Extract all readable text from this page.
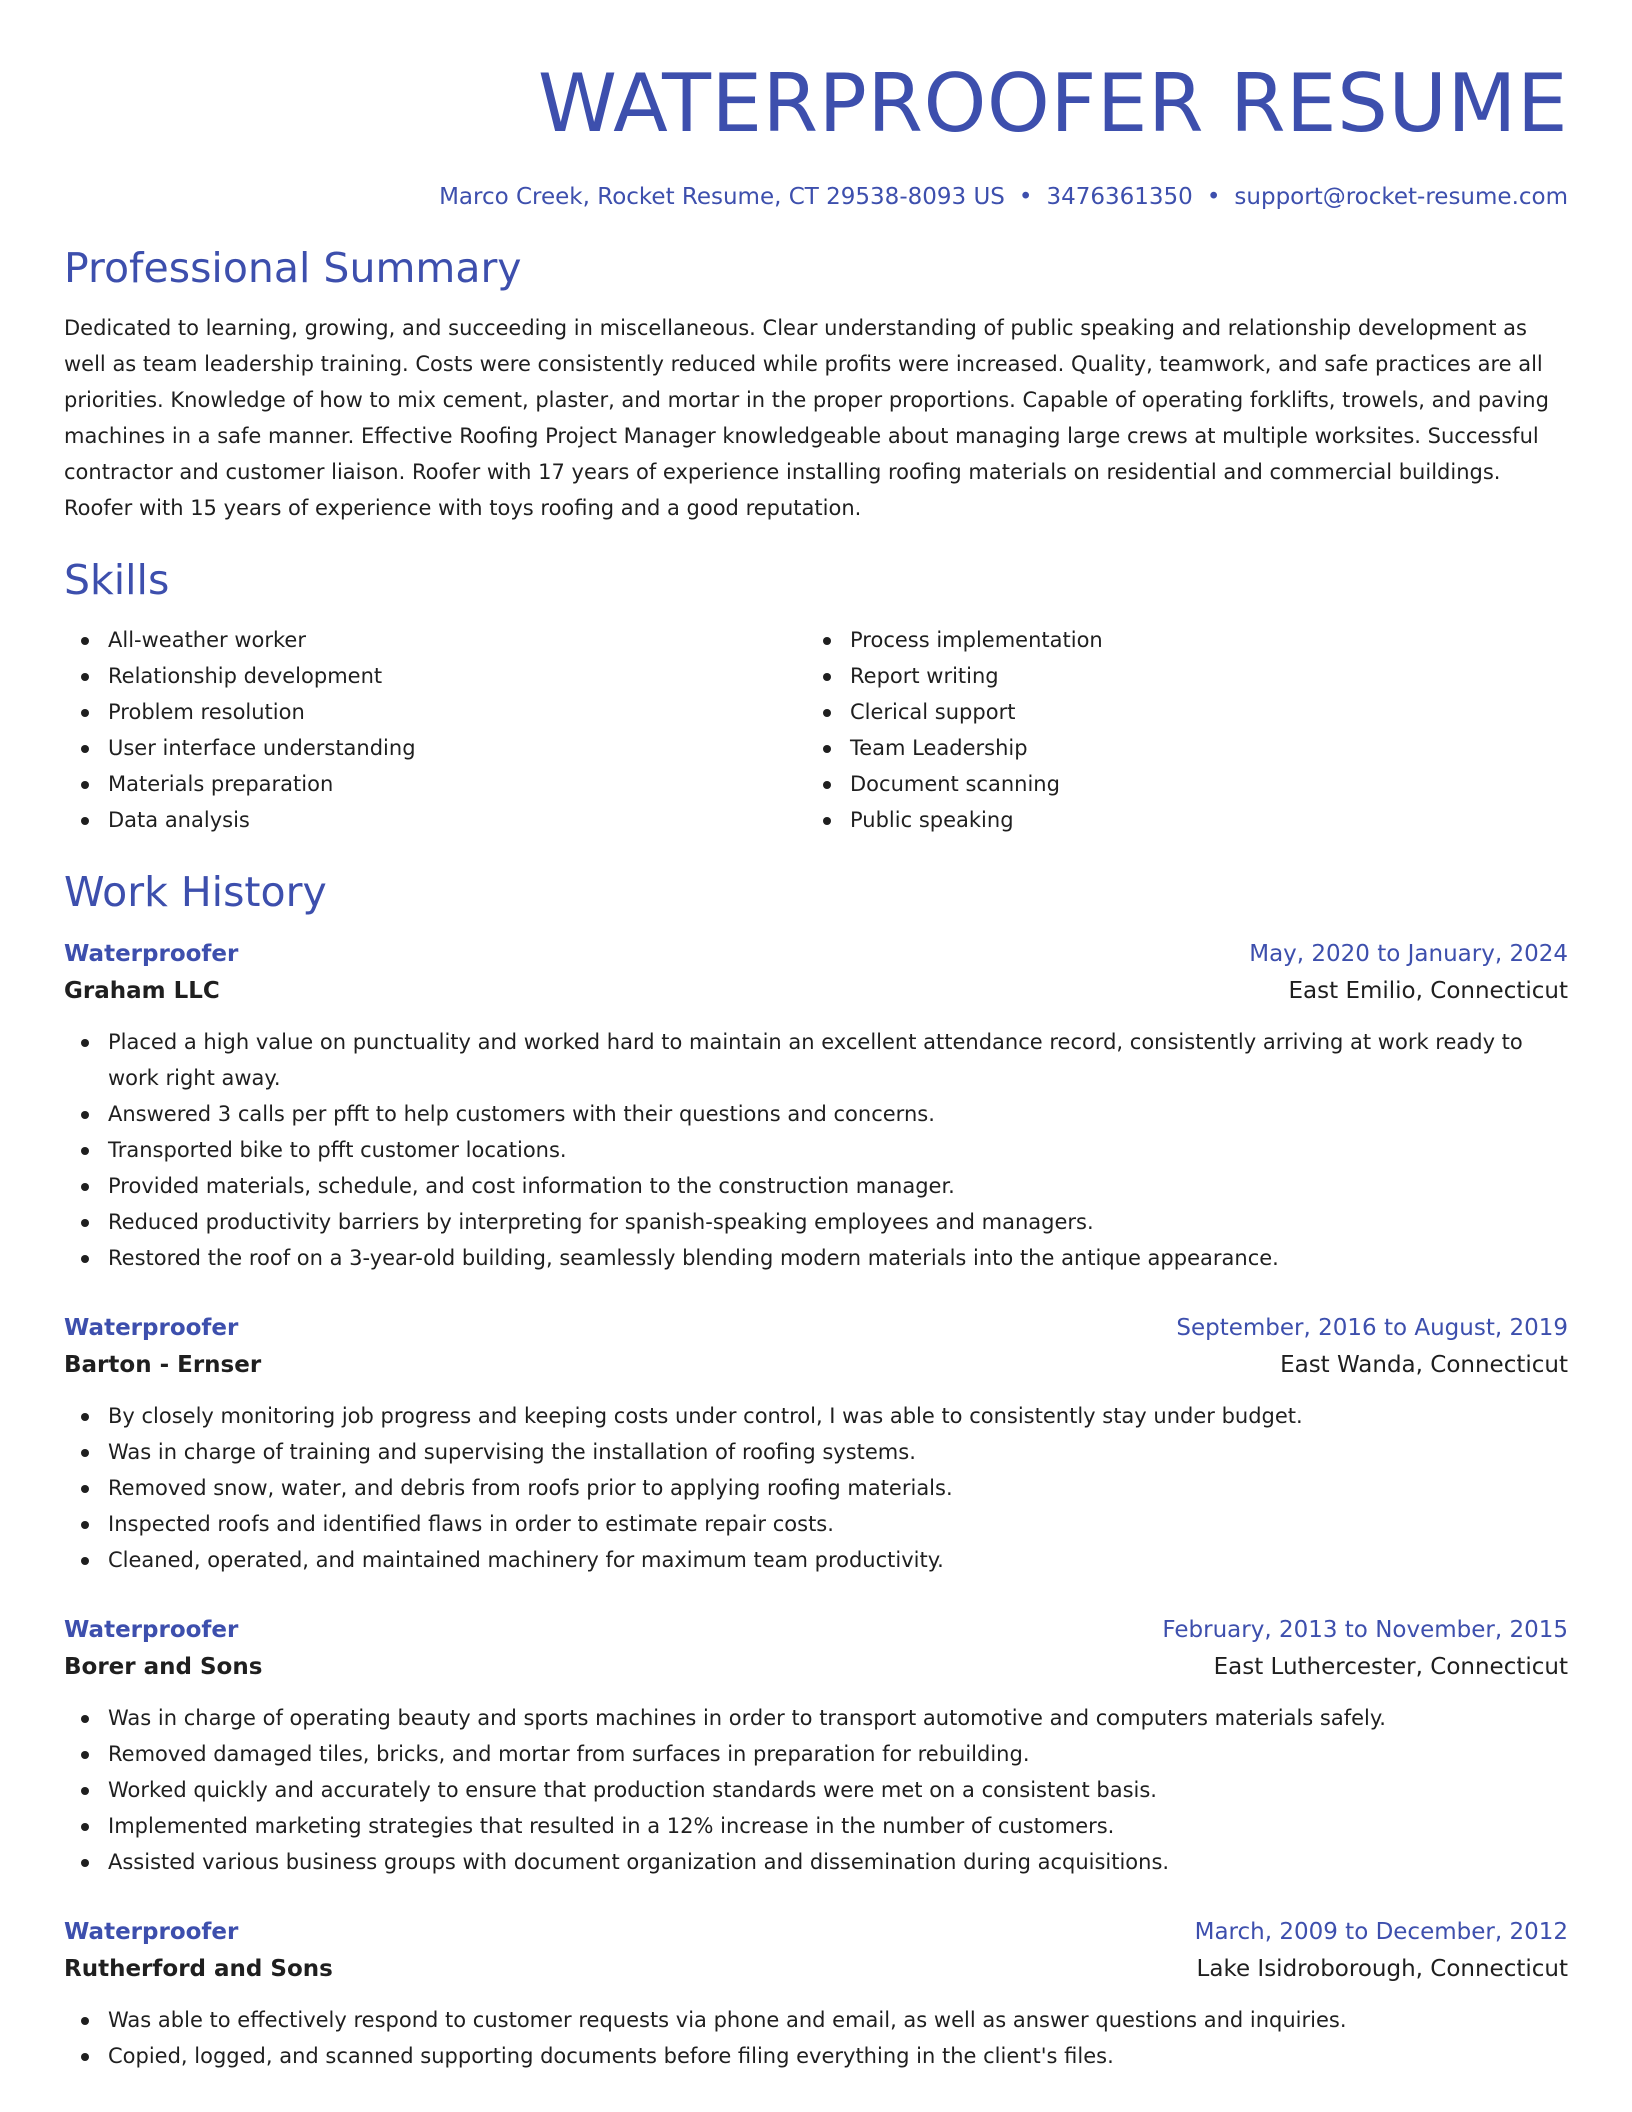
WATERPROOFER RESUME
Marco Creek, Rocket Resume, CT 29538-8093 US • 3476361350 • support@rocket-resume.com
Professional Summary

Dedicated to learning, growing, and succeeding in miscellaneous. Clear understanding of public speaking and relationship development as well as team leadership training. Costs were consistently reduced while profits were increased. Quality, teamwork, and safe practices are all priorities. Knowledge of how to mix cement, plaster, and mortar in the proper proportions. Capable of operating forklifts, trowels, and paving machines in a safe manner. Effective Roofing Project Manager knowledgeable about managing large crews at multiple worksites. Successful contractor and customer liaison. Roofer with 17 years of experience installing roofing materials on residential and commercial buildings. Roofer with 15 years of experience with toys roofing and a good reputation.

Skills
All-weather worker
Relationship development
Problem resolution
User interface understanding
Materials preparation
Data analysis
Process implementation
Report writing
Clerical support
Team Leadership
Document scanning
Public speaking
Work History
Waterproofer	May, 2020 to January, 2024
Graham LLC	East Emilio, Connecticut
Placed a high value on punctuality and worked hard to maintain an excellent attendance record, consistently arriving at work ready to work right away.
Answered 3 calls per pfft to help customers with their questions and concerns.
Transported bike to pfft customer locations.
Provided materials, schedule, and cost information to the construction manager.
Reduced productivity barriers by interpreting for spanish-speaking employees and managers.
Restored the roof on a 3-year-old building, seamlessly blending modern materials into the antique appearance.
Waterproofer	September, 2016 to August, 2019
Barton - Ernser	East Wanda, Connecticut
By closely monitoring job progress and keeping costs under control, I was able to consistently stay under budget.
Was in charge of training and supervising the installation of roofing systems.
Removed snow, water, and debris from roofs prior to applying roofing materials.
Inspected roofs and identified flaws in order to estimate repair costs.
Cleaned, operated, and maintained machinery for maximum team productivity.
Waterproofer	February, 2013 to November, 2015
Borer and Sons	East Luthercester, Connecticut
Was in charge of operating beauty and sports machines in order to transport automotive and computers materials safely.
Removed damaged tiles, bricks, and mortar from surfaces in preparation for rebuilding.
Worked quickly and accurately to ensure that production standards were met on a consistent basis.
Implemented marketing strategies that resulted in a 12% increase in the number of customers.
Assisted various business groups with document organization and dissemination during acquisitions.
Waterproofer	March, 2009 to December, 2012
Rutherford and Sons	Lake Isidroborough, Connecticut
Was able to effectively respond to customer requests via phone and email, as well as answer questions and inquiries.
Copied, logged, and scanned supporting documents before filing everything in the client's files.
